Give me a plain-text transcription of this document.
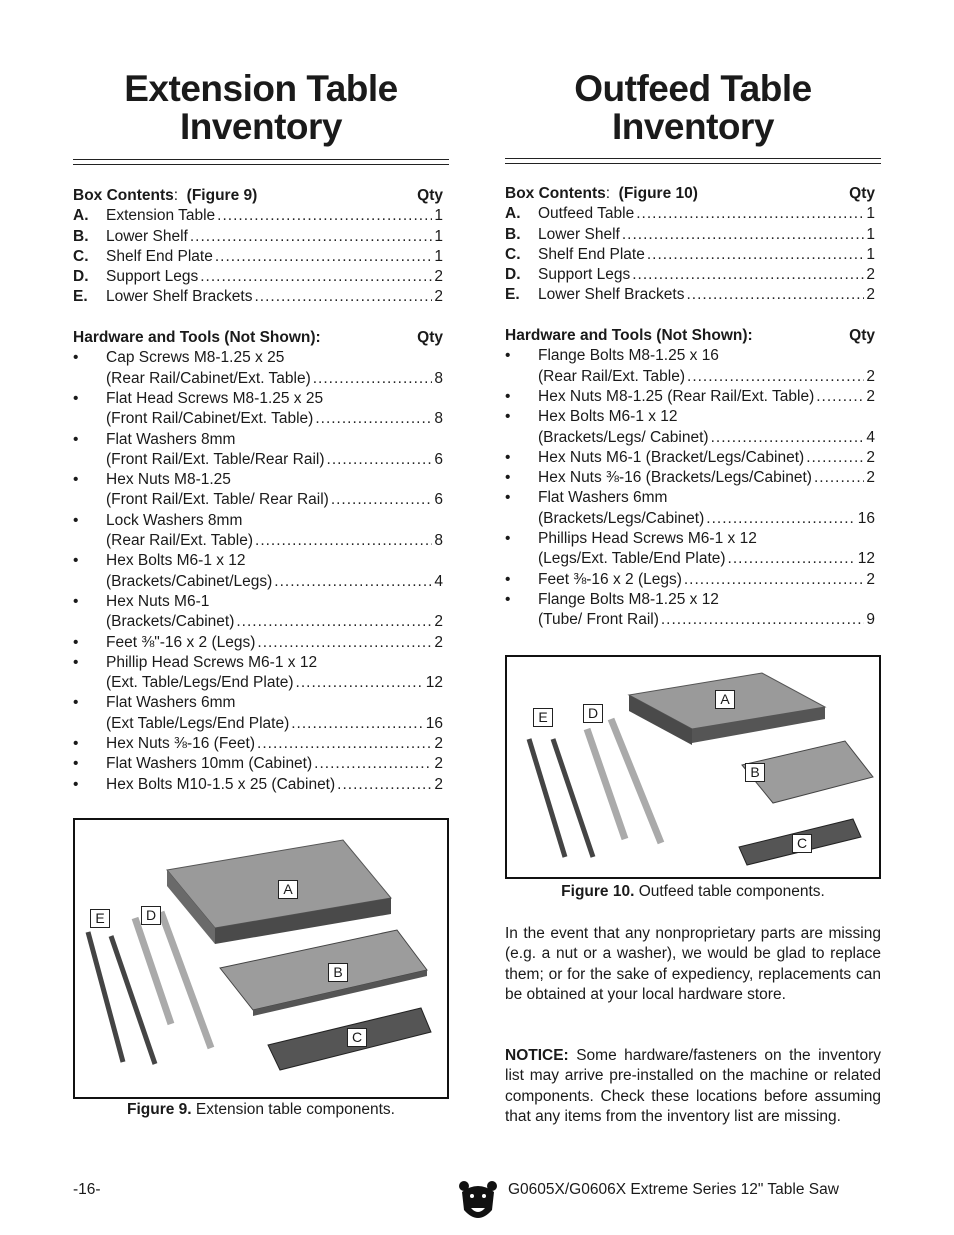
Extension Table
Inventory
Box Contents:  (Figure 9)	Qty
A.	Extension Table .....	1
B.	Lower Shelf .....	1
C.	Shelf End Plate .....	1
D.	Support Legs .....	2
E.	Lower Shelf Brackets .....	2
Hardware and Tools (Not Shown):	Qty
•	Cap Screws M8-1.25 x 25
(Rear Rail/Cabinet/Ext. Table) .....	8
•	Flat Head Screws M8-1.25 x 25
(Front Rail/Cabinet/Ext. Table) .....	8
•	Flat Washers 8mm
(Front Rail/Ext. Table/Rear Rail) .....	6
•	Hex Nuts M8-1.25
(Front Rail/Ext. Table/ Rear Rail) .....	6
•	Lock Washers 8mm
(Rear Rail/Ext. Table) .....	8
•	Hex Bolts M6-1 x 12
(Brackets/Cabinet/Legs) .....	4
•	Hex Nuts M6-1
(Brackets/Cabinet) .....	2
•	Feet ⅜"-16 x 2 (Legs) .....	2
•	Phillip Head Screws M6-1 x 12
(Ext. Table/Legs/End Plate) .....	12
•	Flat Washers 6mm
(Ext Table/Legs/End Plate) .....	16
•	Hex Nuts ⅜-16 (Feet) .....	2
•	Flat Washers 10mm (Cabinet) .....	2
•	Hex Bolts M10-1.5 x 25 (Cabinet) .....	2
A
B
C
D
E
Figure 9. Extension table components.
Outfeed Table
Inventory
Box Contents:  (Figure 10)	Qty
A.	Outfeed Table .....	1
B.	Lower Shelf .....	1
C.	Shelf End Plate .....	1
D.	Support Legs .....	2
E.	Lower Shelf Brackets .....	2
Hardware and Tools (Not Shown):	Qty
•	Flange Bolts M8-1.25 x 16
(Rear Rail/Ext. Table) .....	2
•	Hex Nuts M8-1.25 (Rear Rail/Ext. Table) .....	2
•	Hex Bolts M6-1 x 12
(Brackets/Legs/ Cabinet) .....	4
•	Hex Nuts M6-1 (Bracket/Legs/Cabinet) .....	2
•	Hex Nuts ⅜-16 (Brackets/Legs/Cabinet) .....	2
•	Flat Washers 6mm
(Brackets/Legs/Cabinet) .....	16
•	Phillips Head Screws M6-1 x 12
(Legs/Ext. Table/End Plate) .....	12
•	Feet ⅜-16 x 2 (Legs) .....	2
•	Flange Bolts M8-1.25 x 12
(Tube/ Front Rail) .....	9
A
B
C
D
E
Figure 10. Outfeed table components.
In the event that any nonproprietary parts are missing (e.g. a nut or a washer), we would be glad to replace them; or for the sake of expediency, replacements can be obtained at your local hardware store.
NOTICE: Some hardware/fasteners on the inventory list may arrive pre-installed on the machine or related components. Check these locations before assuming that any items from the inventory list are missing.
-16-	G0605X/G0606X Extreme Series 12" Table Saw
